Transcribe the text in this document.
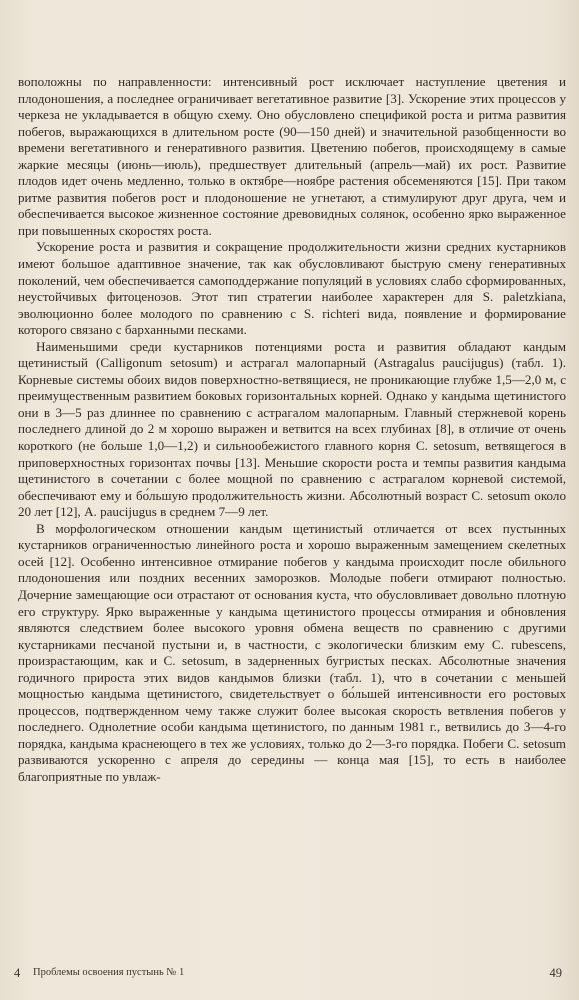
воположны по направленности: интенсивный рост исключает наступление цветения и плодоношения, а последнее ограничивает вегетативное развитие [3]. Ускорение этих процессов у черкеза не укладывается в общую схему. Оно обусловлено спецификой роста и ритма развития побегов, выражающихся в длительном росте (90—150 дней) и значительной разобщенности во времени вегетативного и генеративного развития. Цветению побегов, происходящему в самые жаркие месяцы (июнь—июль), предшествует длительный (апрель—май) их рост. Развитие плодов идет очень медленно, только в октябре—ноябре растения обсеменяются [15]. При таком ритме развития побегов рост и плодоношение не угнетают, а стимулируют друг друга, чем и обеспечивается высокое жизненное состояние древовидных солянок, особенно ярко выраженное при повышенных скоростях роста.

Ускорение роста и развития и сокращение продолжительности жизни средних кустарников имеют большое адаптивное значение, так как обусловливают быструю смену генеративных поколений, чем обеспечивается самоподдержание популяций в условиях слабо сформированных, неустойчивых фитоценозов. Этот тип стратегии наиболее характерен для S. paletzkiana, эволюционно более молодого по сравнению с S. richteri вида, появление и формирование которого связано с барханными песками.

Наименьшими среди кустарников потенциями роста и развития обладают кандым щетинистый (Calligonum setosum) и астрагал малопарный (Astragalus paucijugus) (табл. 1). Корневые системы обоих видов поверхностно-ветвящиеся, не проникающие глубже 1,5—2,0 м, с преимущественным развитием боковых горизонтальных корней. Однако у кандыма щетинистого они в 3—5 раз длиннее по сравнению с астрагалом малопарным. Главный стержневой корень последнего длиной до 2 м хорошо выражен и ветвится на всех глубинах [8], в отличие от очень короткого (не больше 1,0—1,2) и сильнообежистого главного корня C. setosum, ветвящегося в приповерхностных горизонтах почвы [13]. Меньшие скорости роста и темпы развития кандыма щетинистого в сочетании с более мощной по сравнению с астрагалом корневой системой, обеспечивают ему и бо́льшую продолжительность жизни. Абсолютный возраст C. setosum около 20 лет [12], A. paucijugus в среднем 7—9 лет.

В морфологическом отношении кандым щетинистый отличается от всех пустынных кустарников ограниченностью линейного роста и хорошо выраженным замещением скелетных осей [12]. Особенно интенсивное отмирание побегов у кандыма происходит после обильного плодоношения или поздних весенних заморозков. Молодые побеги отмирают полностью. Дочерние замещающие оси отрастают от основания куста, что обусловливает довольно плотную его структуру. Ярко выраженные у кандыма щетинистого процессы отмирания и обновления являются следствием более высокого уровня обмена веществ по сравнению с другими кустарниками песчаной пустыни и, в частности, с экологически близким ему C. rubescens, произрастающим, как и C. setosum, в задерненных бугристых песках. Абсолютные значения годичного прироста этих видов кандымов близки (табл. 1), что в сочетании с меньшей мощностью кандыма щетинистого, свидетельствует о бо́льшей интенсивности его ростовых процессов, подтвержденном чему также служит более высокая скорость ветвления побегов у последнего. Однолетние особи кандыма щетинистого, по данным 1981 г., ветвились до 3—4-го порядка, кандыма краснеющего в тех же условиях, только до 2—3-го порядка. Побеги C. setosum развиваются ускоренно с апреля до середины — конца мая [15], то есть в наиболее благоприятные по увлаж-

4 Проблемы освоения пустынь № 1	49
